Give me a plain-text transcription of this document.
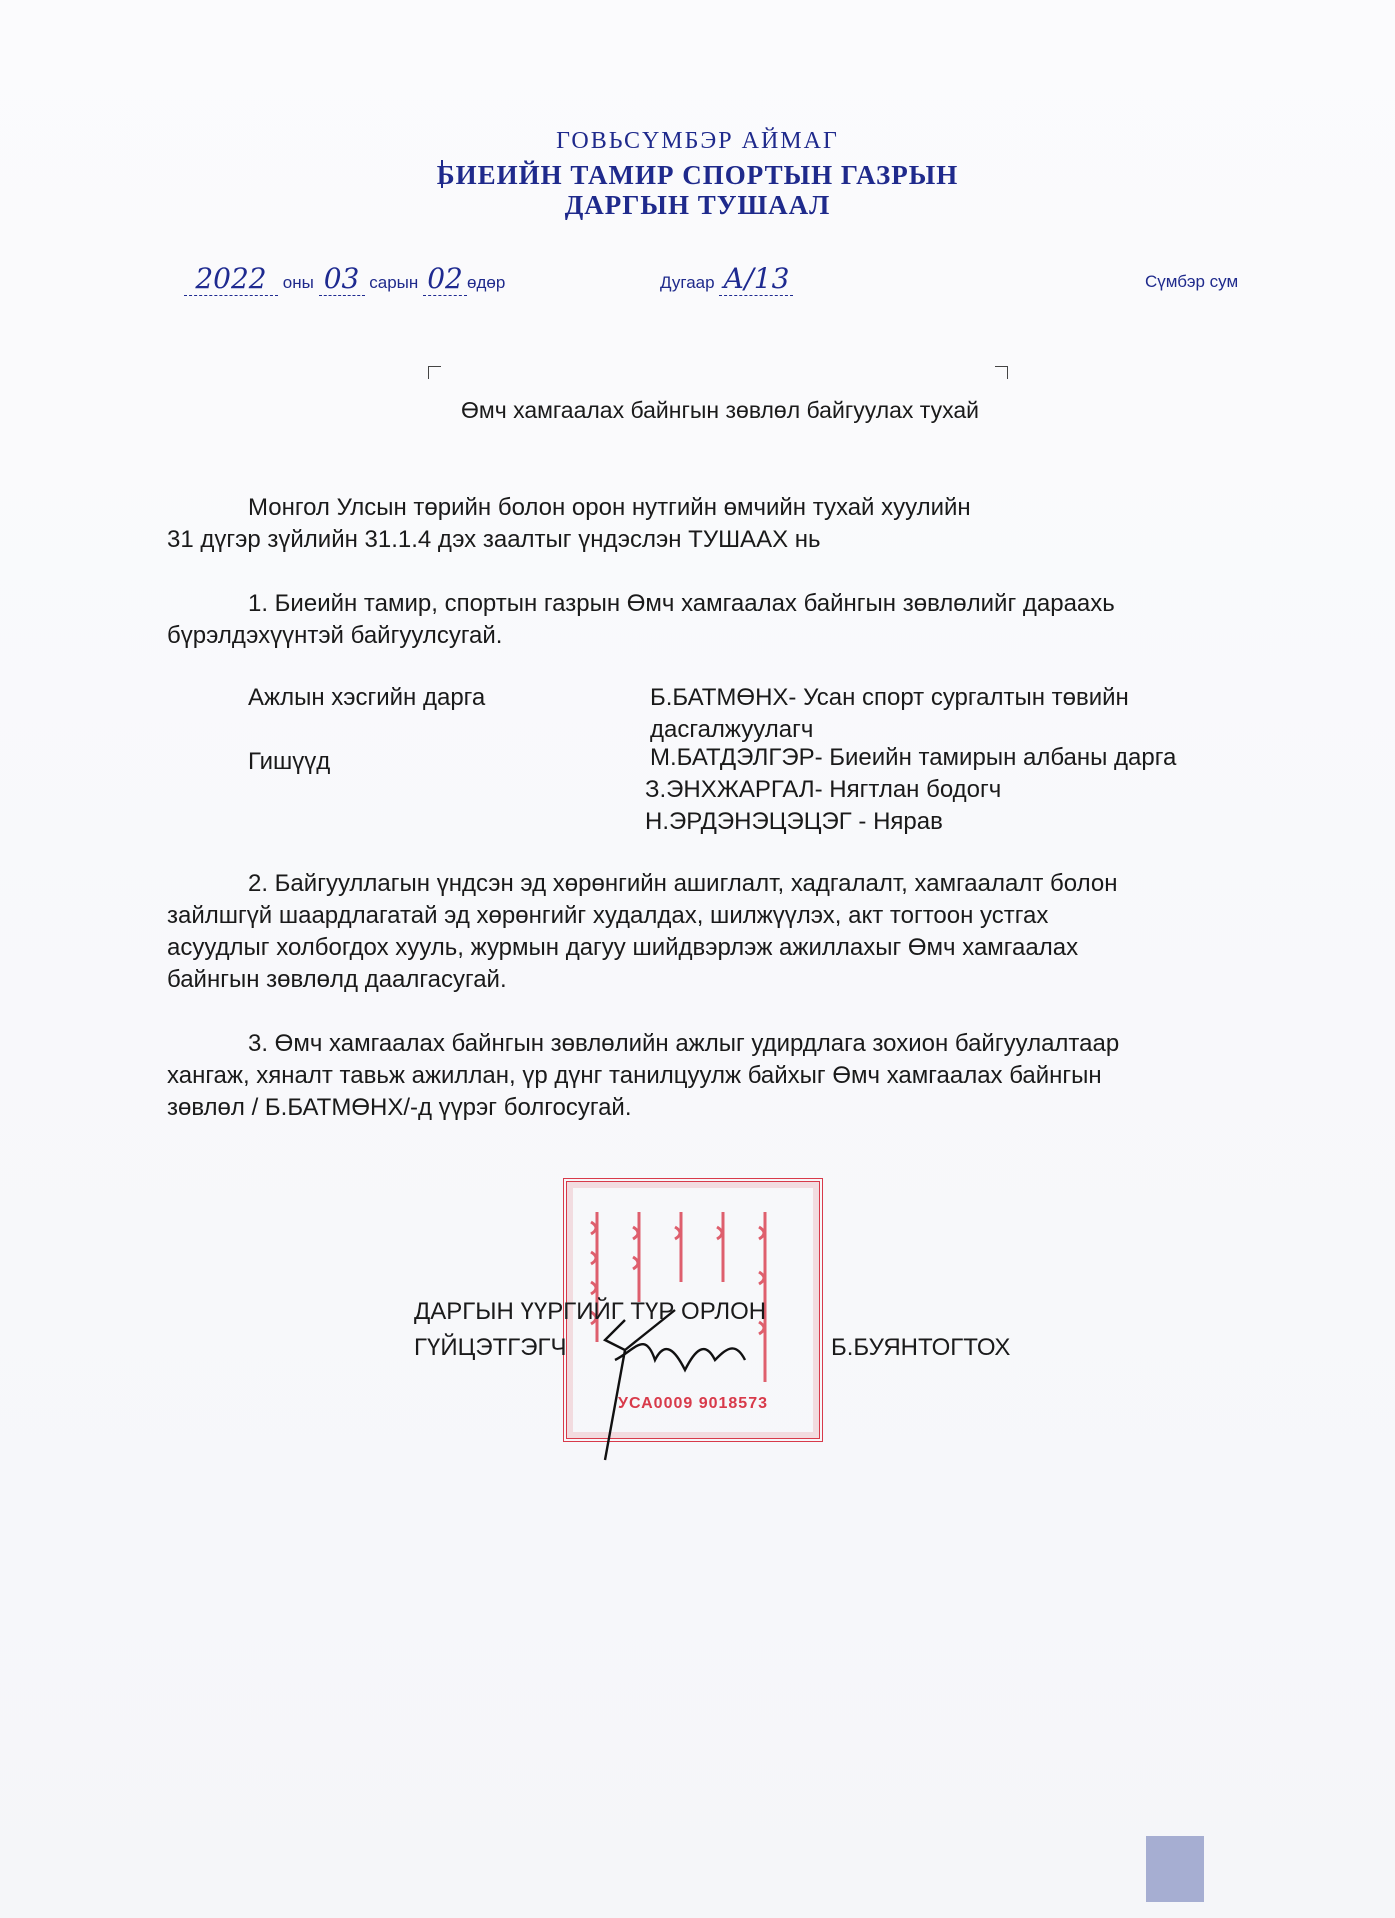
ГОВЬСҮМБЭР АЙМАГ
БИЕИЙН ТАМИР СПОРТЫН ГАЗРЫН
ДАРГЫН ТУШААЛ
2022 оны 03 сарын 02 өдөр	Дугаар А/13	Сүмбэр сум
Өмч хамгаалах байнгын зөвлөл байгуулах тухай
Монгол Улсын төрийн болон орон нутгийн өмчийн тухай хуулийн
31 дүгэр зүйлийн 31.1.4 дэх заалтыг үндэслэн ТУШААХ нь
1. Биеийн тамир, спортын газрын Өмч хамгаалах байнгын зөвлөлийг дараахь
бүрэлдэхүүнтэй байгуулсугай.
Ажлын хэсгийн дарга	Б.БАТМӨНХ- Усан спорт сургалтын төвийн
дасгалжуулагч
Гишүүд	М.БАТДЭЛГЭР- Биеийн тамирын албаны дарга
З.ЭНХЖАРГАЛ- Нягтлан бодогч
Н.ЭРДЭНЭЦЭЦЭГ - Нярав
2. Байгууллагын үндсэн эд хөрөнгийн ашиглалт, хадгалалт, хамгаалалт болон
зайлшгүй шаардлагатай эд хөрөнгийг худалдах, шилжүүлэх, акт тогтоон устгах
асуудлыг холбогдох хууль, журмын дагуу шийдвэрлэж ажиллахыг Өмч хамгаалах
байнгын зөвлөлд даалгасугай.
3. Өмч хамгаалах байнгын зөвлөлийн ажлыг удирдлага зохион байгуулалтаар
хангаж, хяналт тавьж ажиллан, үр дүнг танилцуулж байхыг Өмч хамгаалах байнгын
зөвлөл / Б.БАТМӨНХ/-д үүрэг болгосугай.
УСА0009 9018573
ДАРГЫН ҮҮРГИЙГ ТҮР ОРЛОН
ГҮЙЦЭТГЭГЧ	Б.БУЯНТОГТОХ
